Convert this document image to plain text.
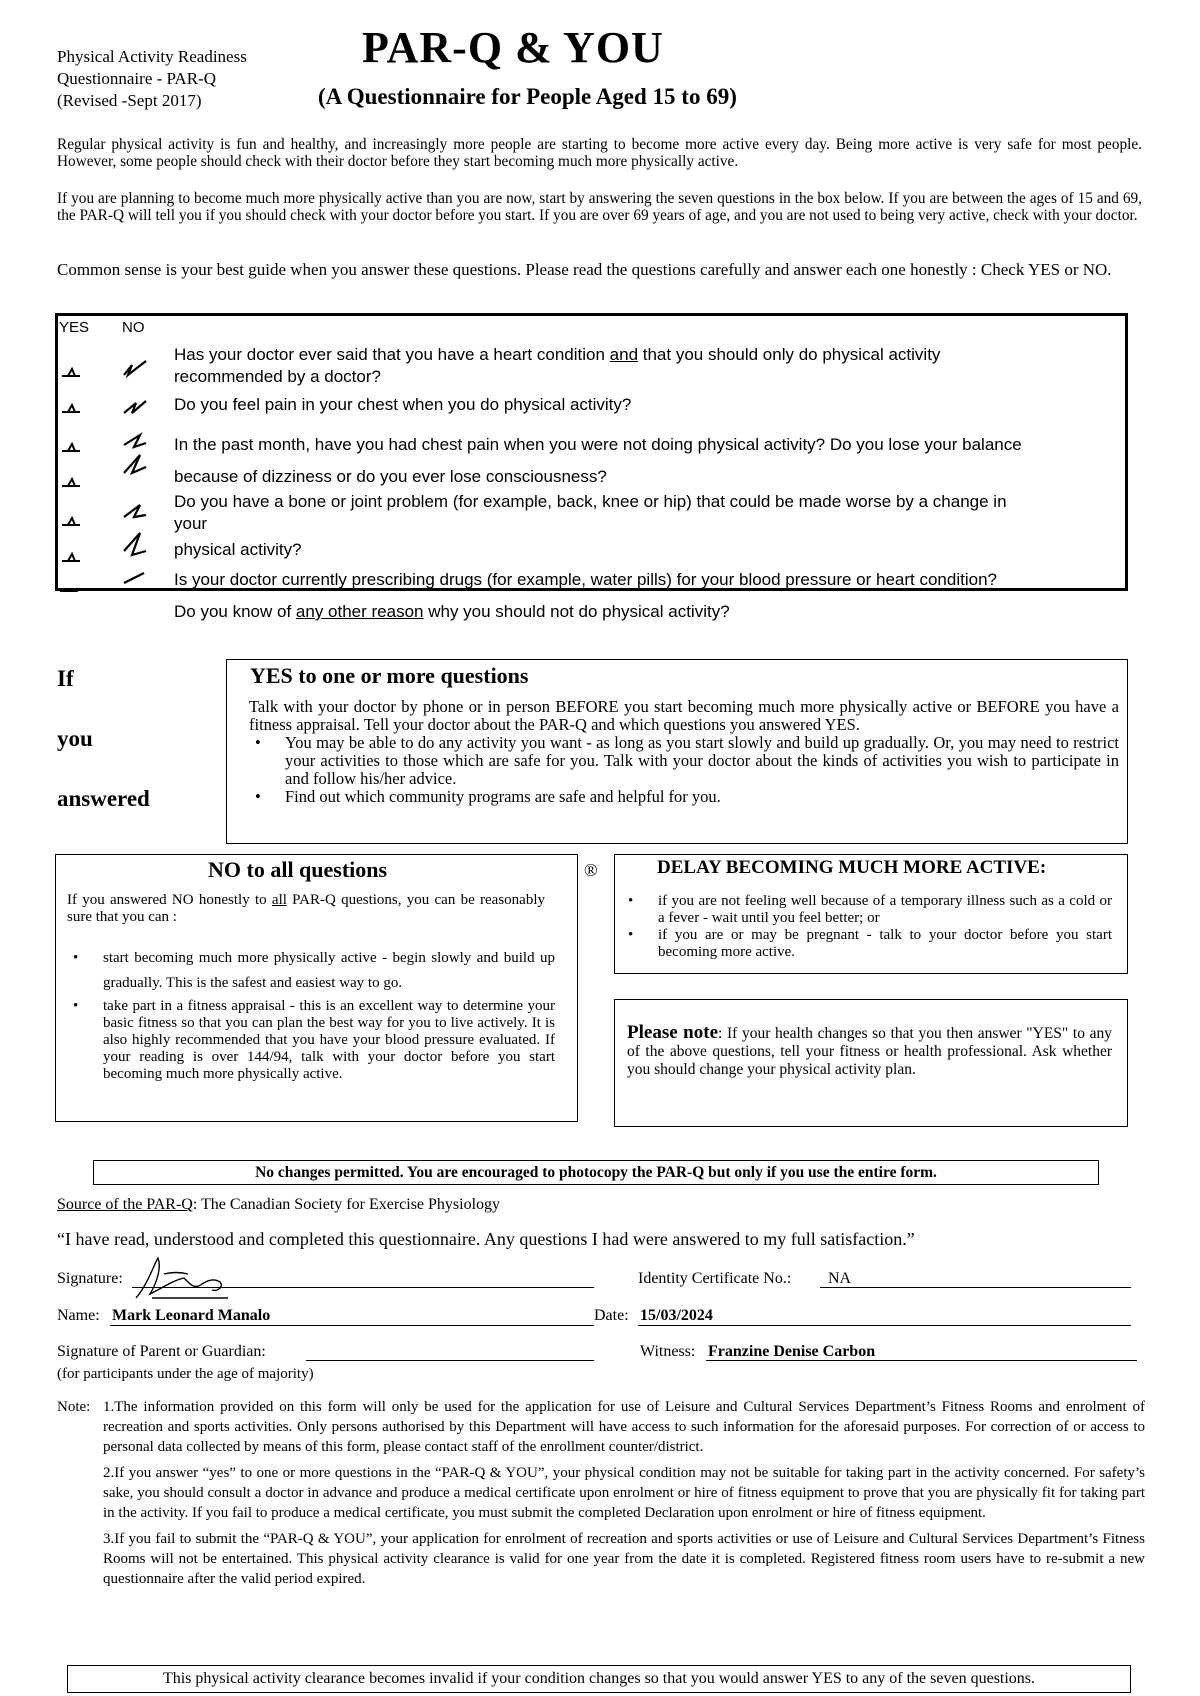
Physical Activity Readiness
Questionnaire - PAR-Q
(Revised -Sept 2017)
PAR-Q & YOU
(A Questionnaire for People Aged 15 to 69)
Regular physical activity is fun and healthy, and increasingly more people are starting to become more active every day. Being more active is very safe for most people. However, some people should check with their doctor before they start becoming much more physically active.
If you are planning to become much more physically active than you are now, start by answering the seven questions in the box below. If you are between the ages of 15 and 69, the PAR-Q will tell you if you should check with your doctor before you start. If you are over 69 years of age, and you are not used to being very active, check with your doctor.
Common sense is your best guide when you answer these questions. Please read the questions carefully and answer each one honestly : Check YES or NO.
YES NO
Has your doctor ever said that you have a heart condition and that you should only do physical activity
recommended by a doctor?
Do you feel pain in your chest when you do physical activity?
In the past month, have you had chest pain when you were not doing physical activity? Do you lose your balance
because of dizziness or do you ever lose consciousness?
Do you have a bone or joint problem (for example, back, knee or hip) that could be made worse by a change in
your
physical activity?
Is your doctor currently prescribing drugs (for example, water pills) for your blood pressure or heart condition?
Do you know of any other reason why you should not do physical activity?
If
you
answered
YES to one or more questions
Talk with your doctor by phone or in person BEFORE you start becoming much more physically active or BEFORE you have a fitness appraisal. Tell your doctor about the PAR-Q and which questions you answered YES.
• You may be able to do any activity you want - as long as you start slowly and build up gradually. Or, you may need to restrict your activities to those which are safe for you. Talk with your doctor about the kinds of activities you wish to participate in and follow his/her advice.
• Find out which community programs are safe and helpful for you.
NO to all questions
If you answered NO honestly to all PAR-Q questions, you can be reasonably sure that you can :
• start becoming much more physically active - begin slowly and build up gradually. This is the safest and easiest way to go.
• take part in a fitness appraisal - this is an excellent way to determine your basic fitness so that you can plan the best way for you to live actively. It is also highly recommended that you have your blood pressure evaluated. If your reading is over 144/94, talk with your doctor before you start becoming much more physically active.
®	DELAY BECOMING MUCH MORE ACTIVE:
• if you are not feeling well because of a temporary illness such as a cold or a fever - wait until you feel better; or
• if you are or may be pregnant - talk to your doctor before you start becoming more active.
Please note: If your health changes so that you then answer "YES" to any of the above questions, tell your fitness or health professional. Ask whether you should change your physical activity plan.
No changes permitted. You are encouraged to photocopy the PAR-Q but only if you use the entire form.
Source of the PAR-Q: The Canadian Society for Exercise Physiology
“I have read, understood and completed this questionnaire. Any questions I had were answered to my full satisfaction.”
Signature:	Identity Certificate No.: NA
Name: Mark Leonard Manalo	Date: 15/03/2024
Signature of Parent or Guardian:	Witness: Franzine Denise Carbon
(for participants under the age of majority)
Note: 1.The information provided on this form will only be used for the application for use of Leisure and Cultural Services Department’s Fitness Rooms and enrolment of recreation and sports activities. Only persons authorised by this Department will have access to such information for the aforesaid purposes. For correction of or access to personal data collected by means of this form, please contact staff of the enrollment counter/district.
2.If you answer “yes” to one or more questions in the “PAR-Q & YOU”, your physical condition may not be suitable for taking part in the activity concerned. For safety’s sake, you should consult a doctor in advance and produce a medical certificate upon enrolment or hire of fitness equipment to prove that you are physically fit for taking part in the activity. If you fail to produce a medical certificate, you must submit the completed Declaration upon enrolment or hire of fitness equipment.
3.If you fail to submit the “PAR-Q & YOU”, your application for enrolment of recreation and sports activities or use of Leisure and Cultural Services Department’s Fitness Rooms will not be entertained. This physical activity clearance is valid for one year from the date it is completed. Registered fitness room users have to re-submit a new questionnaire after the valid period expired.
This physical activity clearance becomes invalid if your condition changes so that you would answer YES to any of the seven questions.
